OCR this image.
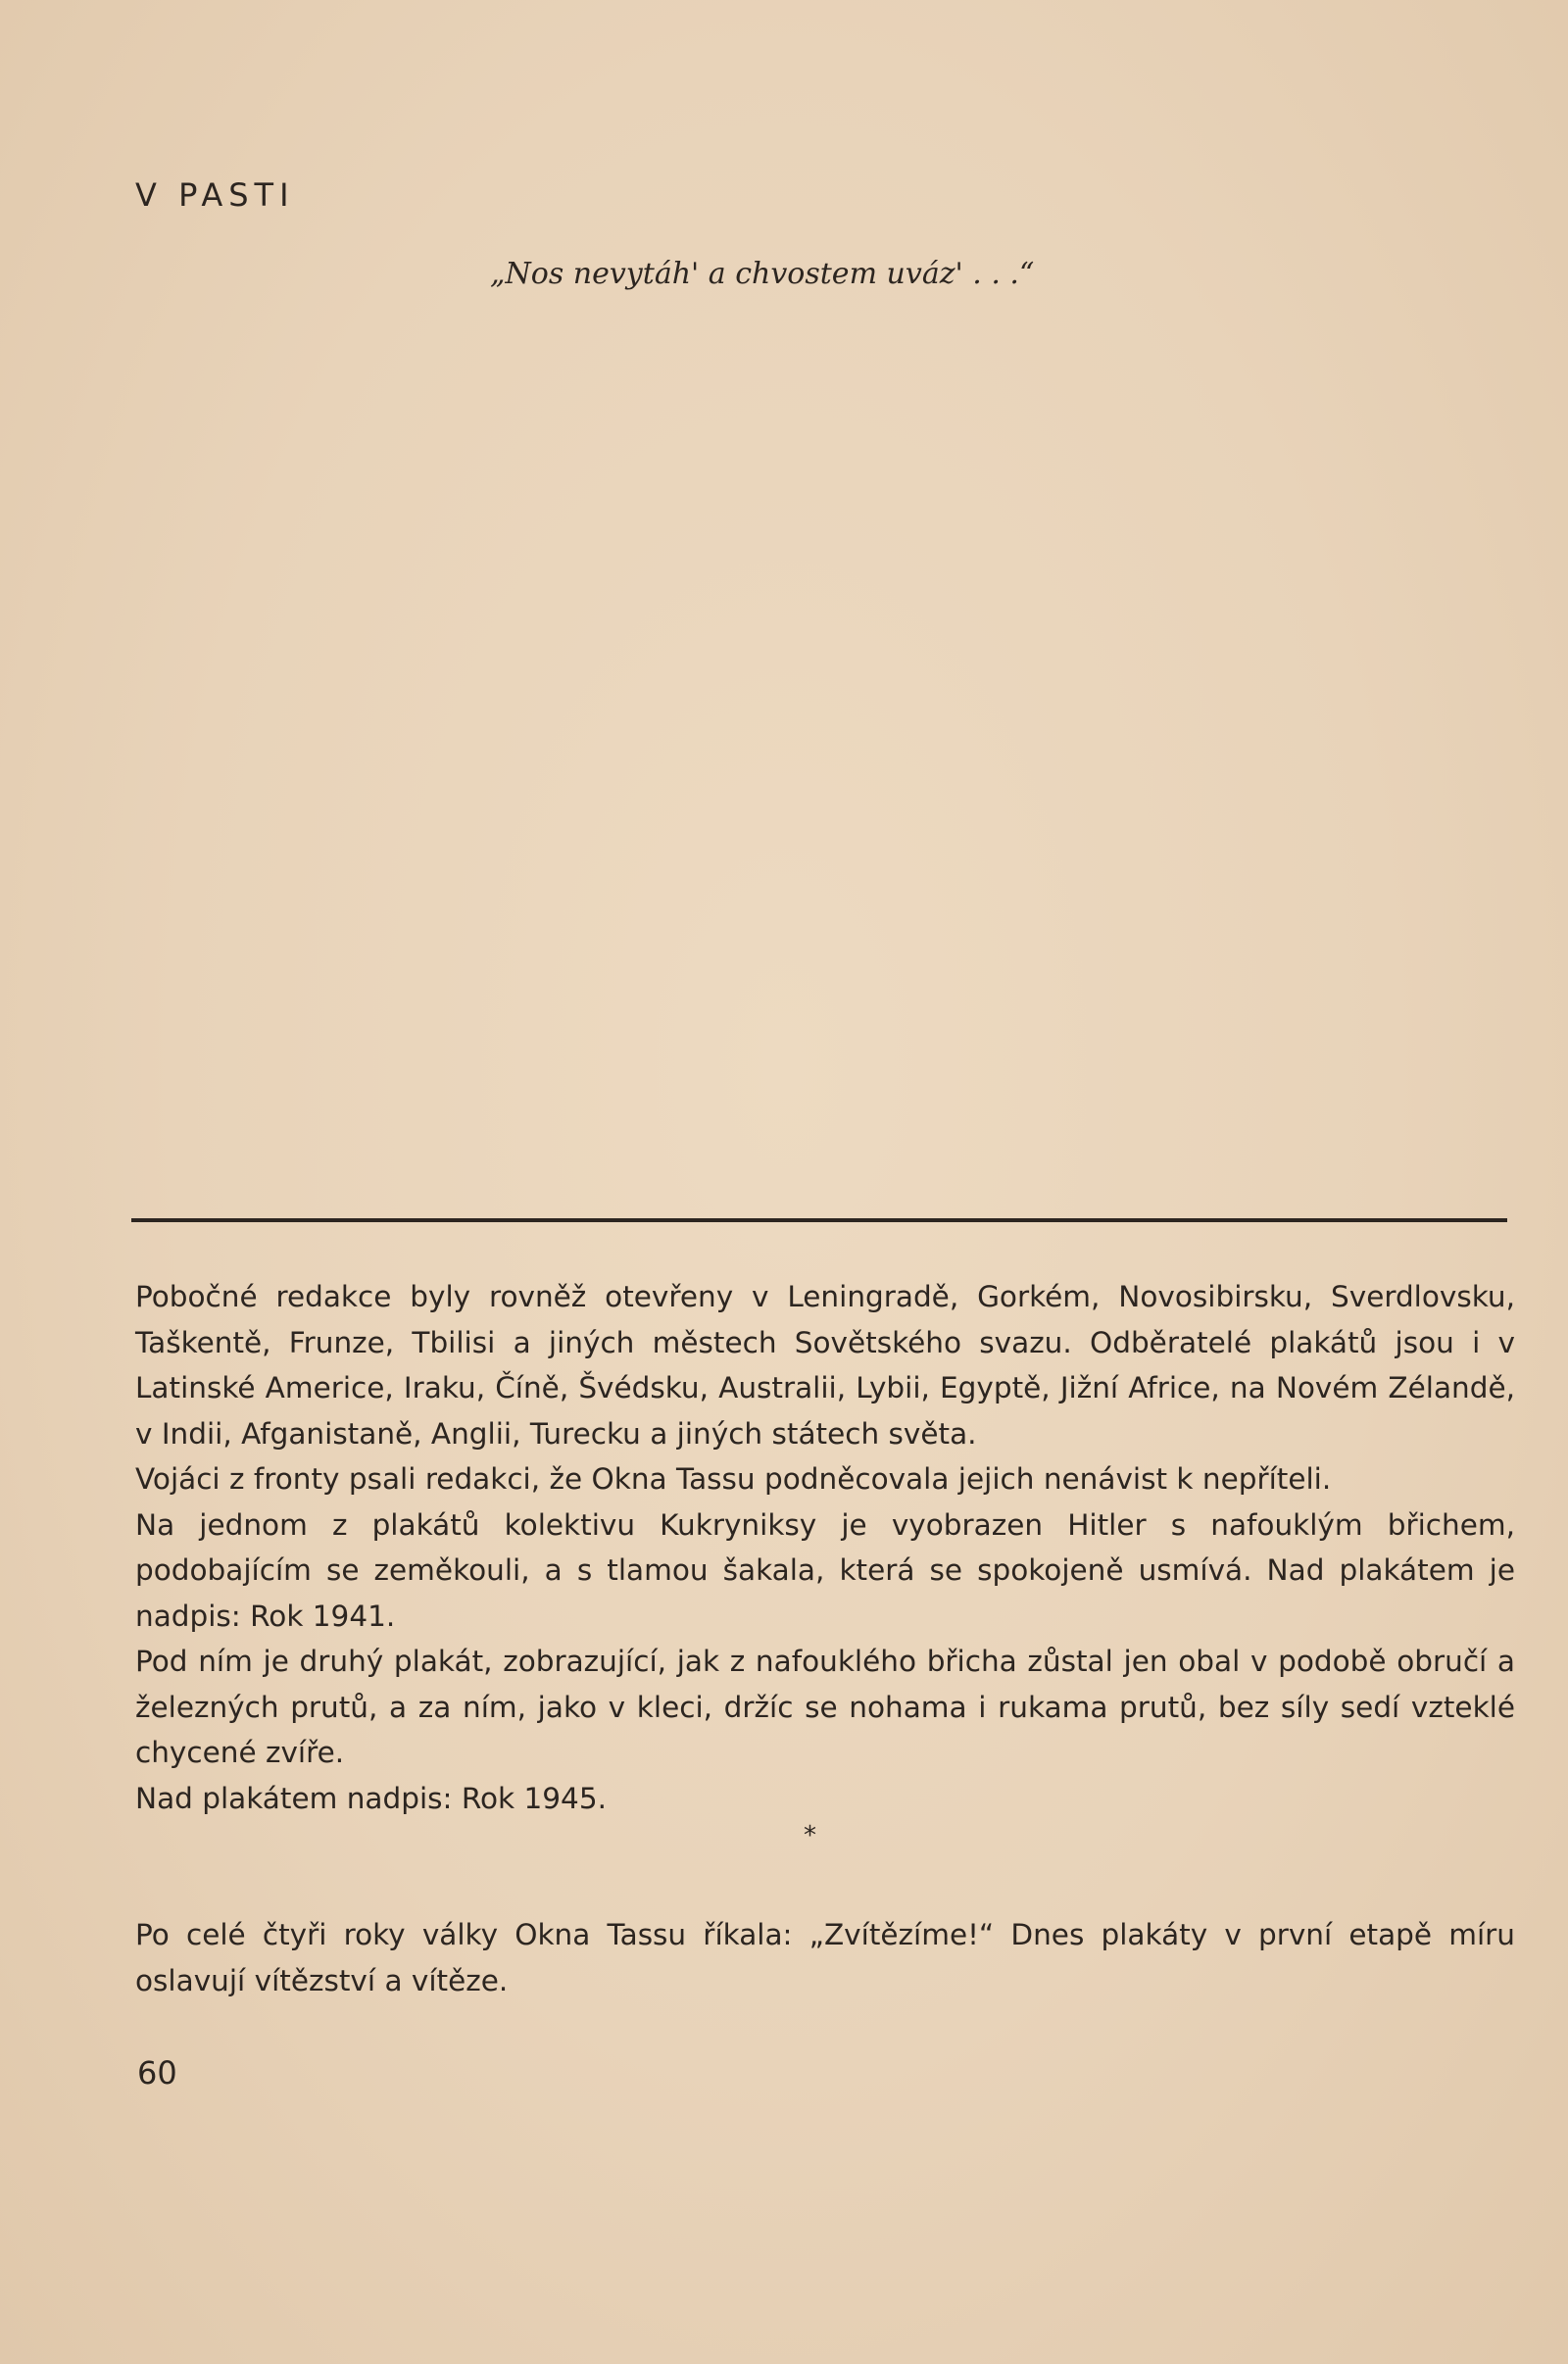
V PASTI

„Nos nevytáh' a chvostem uváz' . . .“

Pobočné redakce byly rovněž otevřeny v Leningradě, Gorkém, Novosibirsku, Sverdlovsku, Taškentě, Frunze, Tbilisi a jiných městech Sovětského svazu. Odběratelé plakátů jsou i v Latinské Americe, Iraku, Číně, Švédsku, Australii, Lybii, Egyptě, Jižní Africe, na Novém Zélandě, v Indii, Afganistaně, Anglii, Turecku a jiných státech světa.

Vojáci z fronty psali redakci, že Okna Tassu podněcovala jejich nenávist k nepříteli.

Na jednom z plakátů kolektivu Kukryniksy je vyobrazen Hitler s nafouklým břichem, podobajícím se zeměkouli, a s tlamou šakala, která se spokojeně usmívá. Nad plakátem je nadpis: Rok 1941.

Pod ním je druhý plakát, zobrazující, jak z nafouklého břicha zůstal jen obal v podobě obručí a železných prutů, a za ním, jako v kleci, držíc se nohama i rukama prutů, bez síly sedí vzteklé chycené zvíře.

Nad plakátem nadpis: Rok 1945.

*

Po celé čtyři roky války Okna Tassu říkala: „Zvítězíme!“ Dnes plakáty v první etapě míru oslavují vítězství a vítěze.

60
